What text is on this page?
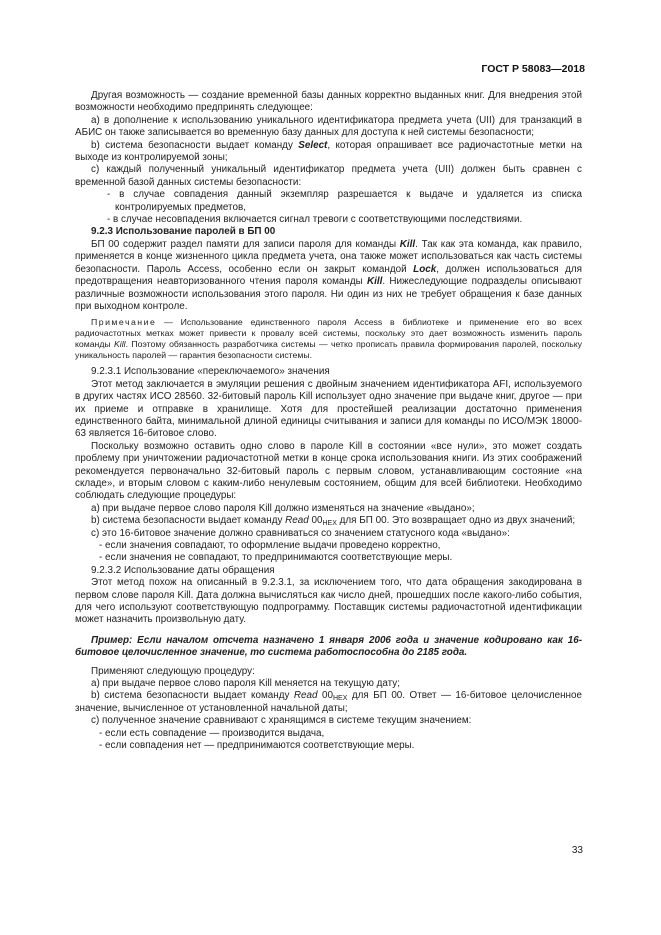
ГОСТ Р 58083—2018

Другая возможность — создание временной базы данных корректно выданных книг. Для внедрения этой возможности необходимо предпринять следующее:

а) в дополнение к использованию уникального идентификатора предмета учета (UII) для транзакций в АБИС он также записывается во временную базу данных для доступа к ней системы безопасности;

b) система безопасности выдает команду Select, которая опрашивает все радиочастотные метки на выходе из контролируемой зоны;

с) каждый полученный уникальный идентификатор предмета учета (UII) должен быть сравнен с временной базой данных системы безопасности:

- в случае совпадения данный экземпляр разрешается к выдаче и удаляется из списка контролируемых предметов,

- в случае несовпадения включается сигнал тревоги с соответствующими последствиями.

9.2.3 Использование паролей в БП 00

БП 00 содержит раздел памяти для записи пароля для команды Kill. Так как эта команда, как правило, применяется в конце жизненного цикла предмета учета, она также может использоваться как часть системы безопасности. Пароль Access, особенно если он закрыт командой Lock, должен использоваться для предотвращения неавторизованного чтения пароля команды Kill. Нижеследующие подразделы описывают различные возможности использования этого пароля. Ни один из них не требует обращения к базе данных при выходном контроле.

Примечание — Использование единственного пароля Access в библиотеке и применение его во всех радиочастотных метках может привести к провалу всей системы, поскольку это дает возможность изменить пароль команды Kill. Поэтому обязанность разработчика системы — четко прописать правила формирования паролей, поскольку уникальность паролей — гарантия безопасности системы.

9.2.3.1 Использование «переключаемого» значения

Этот метод заключается в эмуляции решения с двойным значением идентификатора AFI, используемого в других частях ИСО 28560. 32-битовый пароль Kill использует одно значение при выдаче книг, другое — при их приеме и отправке в хранилище. Хотя для простейшей реализации достаточно применения единственного байта, минимальной длиной единицы считывания и записи для команды по ИСО/МЭК 18000-63 является 16-битовое слово.

Поскольку возможно оставить одно слово в пароле Kill в состоянии «все нули», это может создать проблему при уничтожении радиочастотной метки в конце срока использования книги. Из этих соображений рекомендуется первоначально 32-битовый пароль с первым словом, устанавливающим состояние «на складе», и вторым словом с каким-либо ненулевым состоянием, общим для всей библиотеки. Необходимо соблюдать следующие процедуры:

а) при выдаче первое слово пароля Kill должно изменяться на значение «выдано»;

b) система безопасности выдает команду Read $00_{HEX}$ для БП 00. Это возвращает одно из двух значений;

с) это 16-битовое значение должно сравниваться со значением статусного кода «выдано»:

- если значения совпадают, то оформление выдачи проведено корректно,

- если значения не совпадают, то предпринимаются соответствующие меры.

9.2.3.2 Использование даты обращения

Этот метод похож на описанный в 9.2.3.1, за исключением того, что дата обращения закодирована в первом слове пароля Kill. Дата должна вычисляться как число дней, прошедших после какого-либо события, для чего используют соответствующую подпрограмму. Поставщик системы радиочастотной идентификации может назначить произвольную дату.

Пример: Если началом отсчета назначено 1 января 2006 года и значение кодировано как 16-битовое целочисленное значение, то система работоспособна до 2185 года.

Применяют следующую процедуру:

а) при выдаче первое слово пароля Kill меняется на текущую дату;

b) система безопасности выдает команду Read $00_{HEX}$ для БП 00. Ответ — 16-битовое целочисленное значение, вычисленное от установленной начальной даты;

с) полученное значение сравнивают с хранящимся в системе текущим значением:

- если есть совпадение — производится выдача,

- если совпадения нет — предпринимаются соответствующие меры.

33
